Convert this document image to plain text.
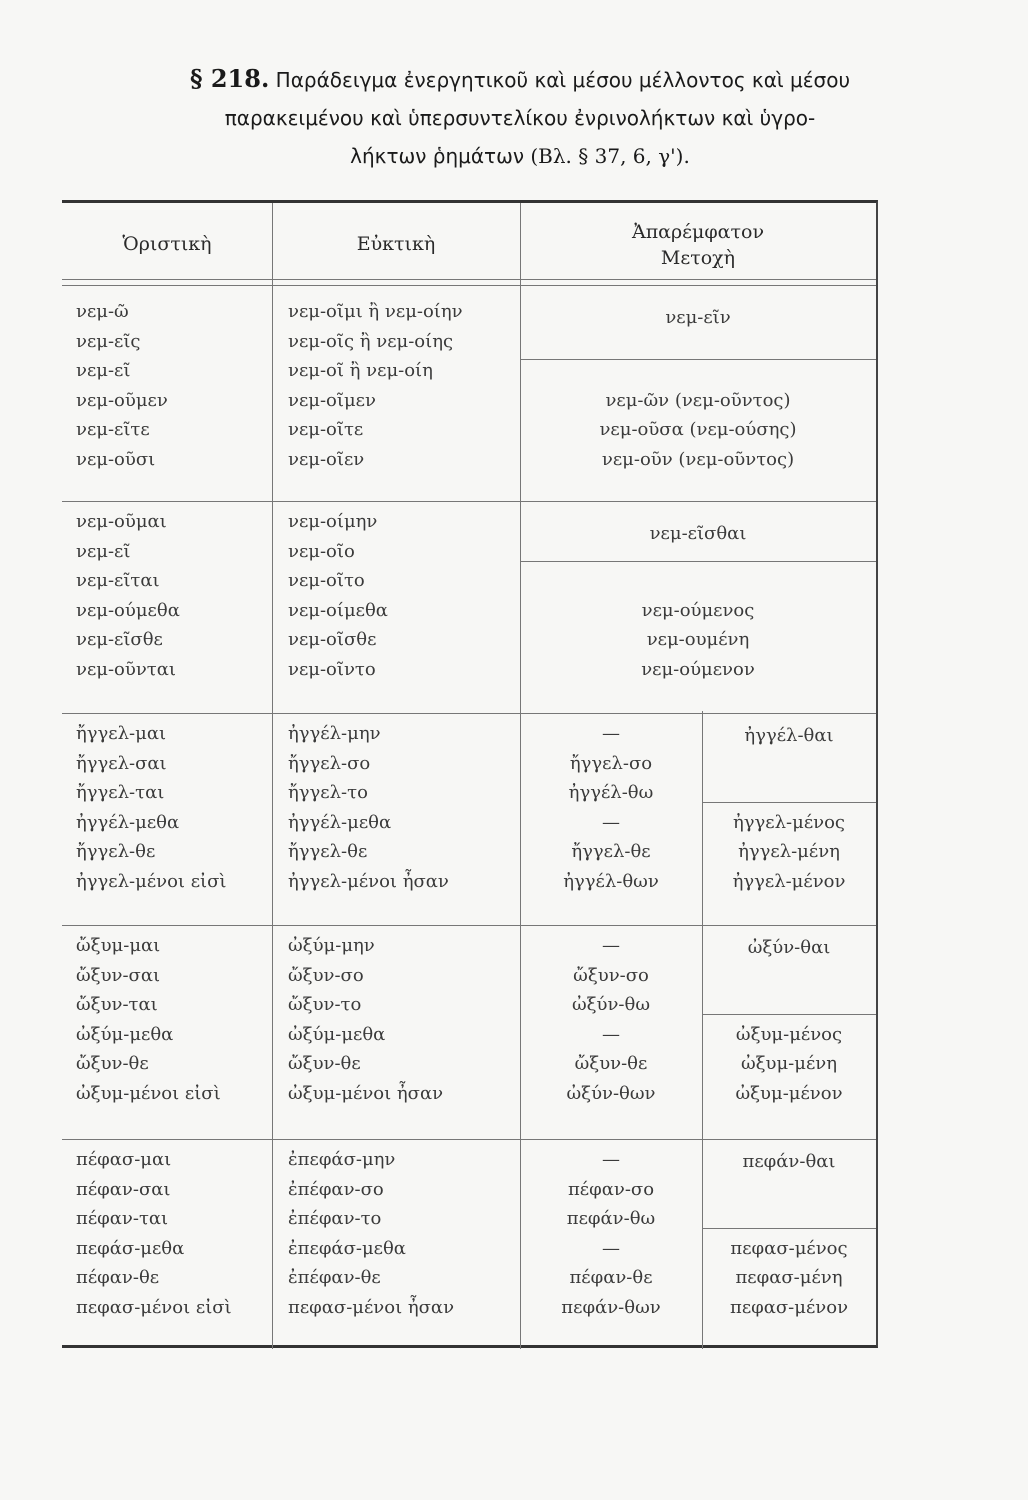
§ 218. Παράδειγμα ἐνεργητικοῦ καὶ μέσου μέλλοντος καὶ μέσου
παρακειμένου καὶ ὑπερσυντελίκου ἐνρινολήκτων καὶ ὑγρο-
λήκτων ῥημάτων (Βλ. § 37, 6, γ').
Ὁριστικὴ	Εὐκτικὴ
Ἀπαρέμφατον
Μετοχὴ
νεμ-ῶ
νεμ-εῖς
νεμ-εῖ
νεμ-οῦμεν
νεμ-εῖτε
νεμ-οῦσι
νεμ-οῖμι ἢ νεμ-οίην
νεμ-οῖς ἢ νεμ-οίης
νεμ-οῖ ἢ νεμ-οίη
νεμ-οῖμεν
νεμ-οῖτε
νεμ-οῖεν
νεμ-εῖν
νεμ-ῶν (νεμ-οῦντος)
νεμ-οῦσα (νεμ-ούσης)
νεμ-οῦν (νεμ-οῦντος)
νεμ-οῦμαι
νεμ-εῖ
νεμ-εῖται
νεμ-ούμεθα
νεμ-εῖσθε
νεμ-οῦνται
νεμ-οίμην
νεμ-οῖο
νεμ-οῖτο
νεμ-οίμεθα
νεμ-οῖσθε
νεμ-οῖντο
νεμ-εῖσθαι
νεμ-ούμενος
νεμ-ουμένη
νεμ-ούμενον
ἤγγελ-μαι
ἤγγελ-σαι
ἤγγελ-ται
ἠγγέλ-μεθα
ἤγγελ-θε
ἠγγελ-μένοι εἰσὶ
ἠγγέλ-μην
ἤγγελ-σο
ἤγγελ-το
ἠγγέλ-μεθα
ἤγγελ-θε
ἠγγελ-μένοι ἦσαν
—
ἤγγελ-σο
ἠγγέλ-θω
—
ἤγγελ-θε
ἠγγέλ-θων
ἠγγέλ-θαι
ἠγγελ-μένος
ἠγγελ-μένη
ἠγγελ-μένον
ὤξυμ-μαι
ὤξυν-σαι
ὤξυν-ται
ὠξύμ-μεθα
ὤξυν-θε
ὠξυμ-μένοι εἰσὶ
ὠξύμ-μην
ὤξυν-σο
ὤξυν-το
ὠξύμ-μεθα
ὤξυν-θε
ὠξυμ-μένοι ἦσαν
—
ὤξυν-σο
ὠξύν-θω
—
ὤξυν-θε
ὠξύν-θων
ὠξύν-θαι
ὠξυμ-μένος
ὠξυμ-μένη
ὠξυμ-μένον
πέφασ-μαι
πέφαν-σαι
πέφαν-ται
πεφάσ-μεθα
πέφαν-θε
πεφασ-μένοι εἰσὶ
ἐπεφάσ-μην
ἐπέφαν-σο
ἐπέφαν-το
ἐπεφάσ-μεθα
ἐπέφαν-θε
πεφασ-μένοι ἦσαν
—
πέφαν-σο
πεφάν-θω
—
πέφαν-θε
πεφάν-θων
πεφάν-θαι
πεφασ-μένος
πεφασ-μένη
πεφασ-μένον
